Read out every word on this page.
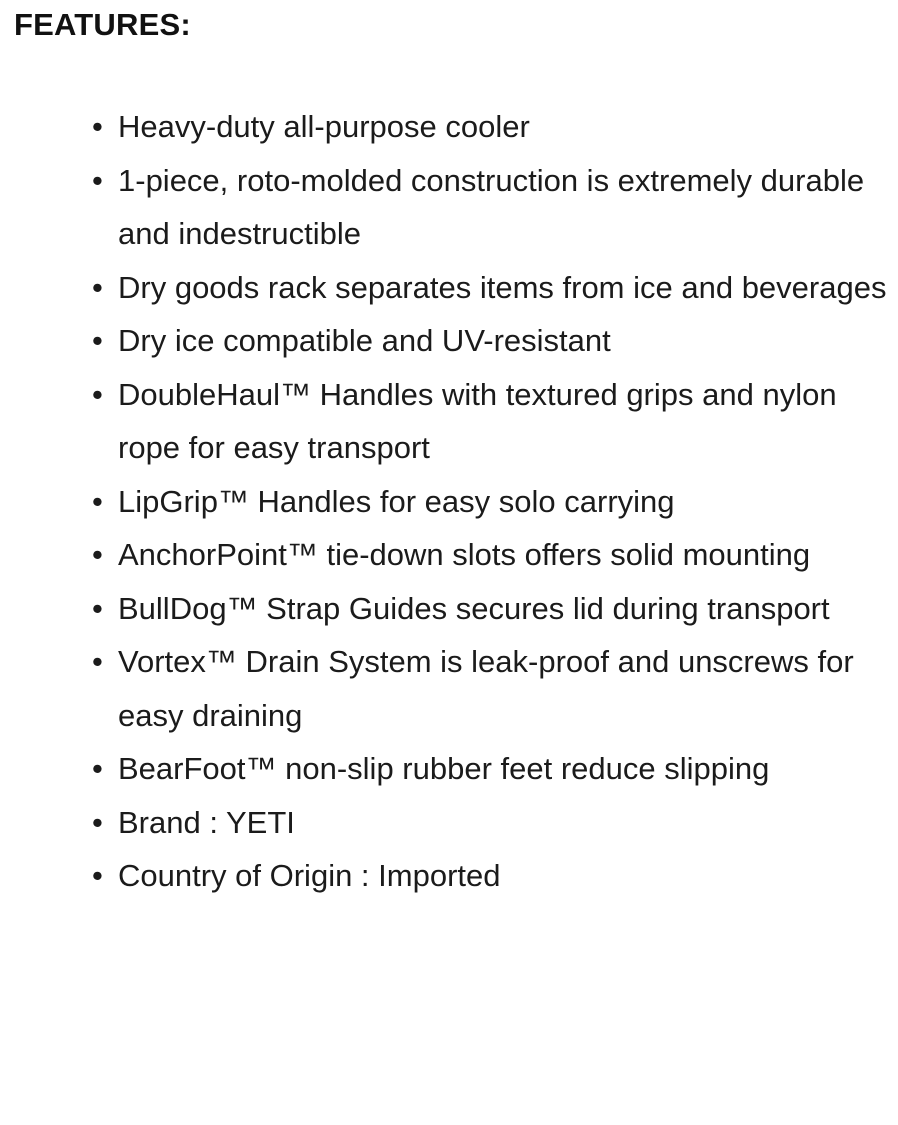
FEATURES:
• Heavy-duty all-purpose cooler
• 1-piece, roto-molded construction is extremely durable and indestructible
• Dry goods rack separates items from ice and beverages
• Dry ice compatible and UV-resistant
• DoubleHaul™ Handles with textured grips and nylon rope for easy transport
• LipGrip™ Handles for easy solo carrying
• AnchorPoint™ tie-down slots offers solid mounting
• BullDog™ Strap Guides secures lid during transport
• Vortex™ Drain System is leak-proof and unscrews for easy draining
• BearFoot™ non-slip rubber feet reduce slipping
• Brand : YETI
• Country of Origin : Imported
